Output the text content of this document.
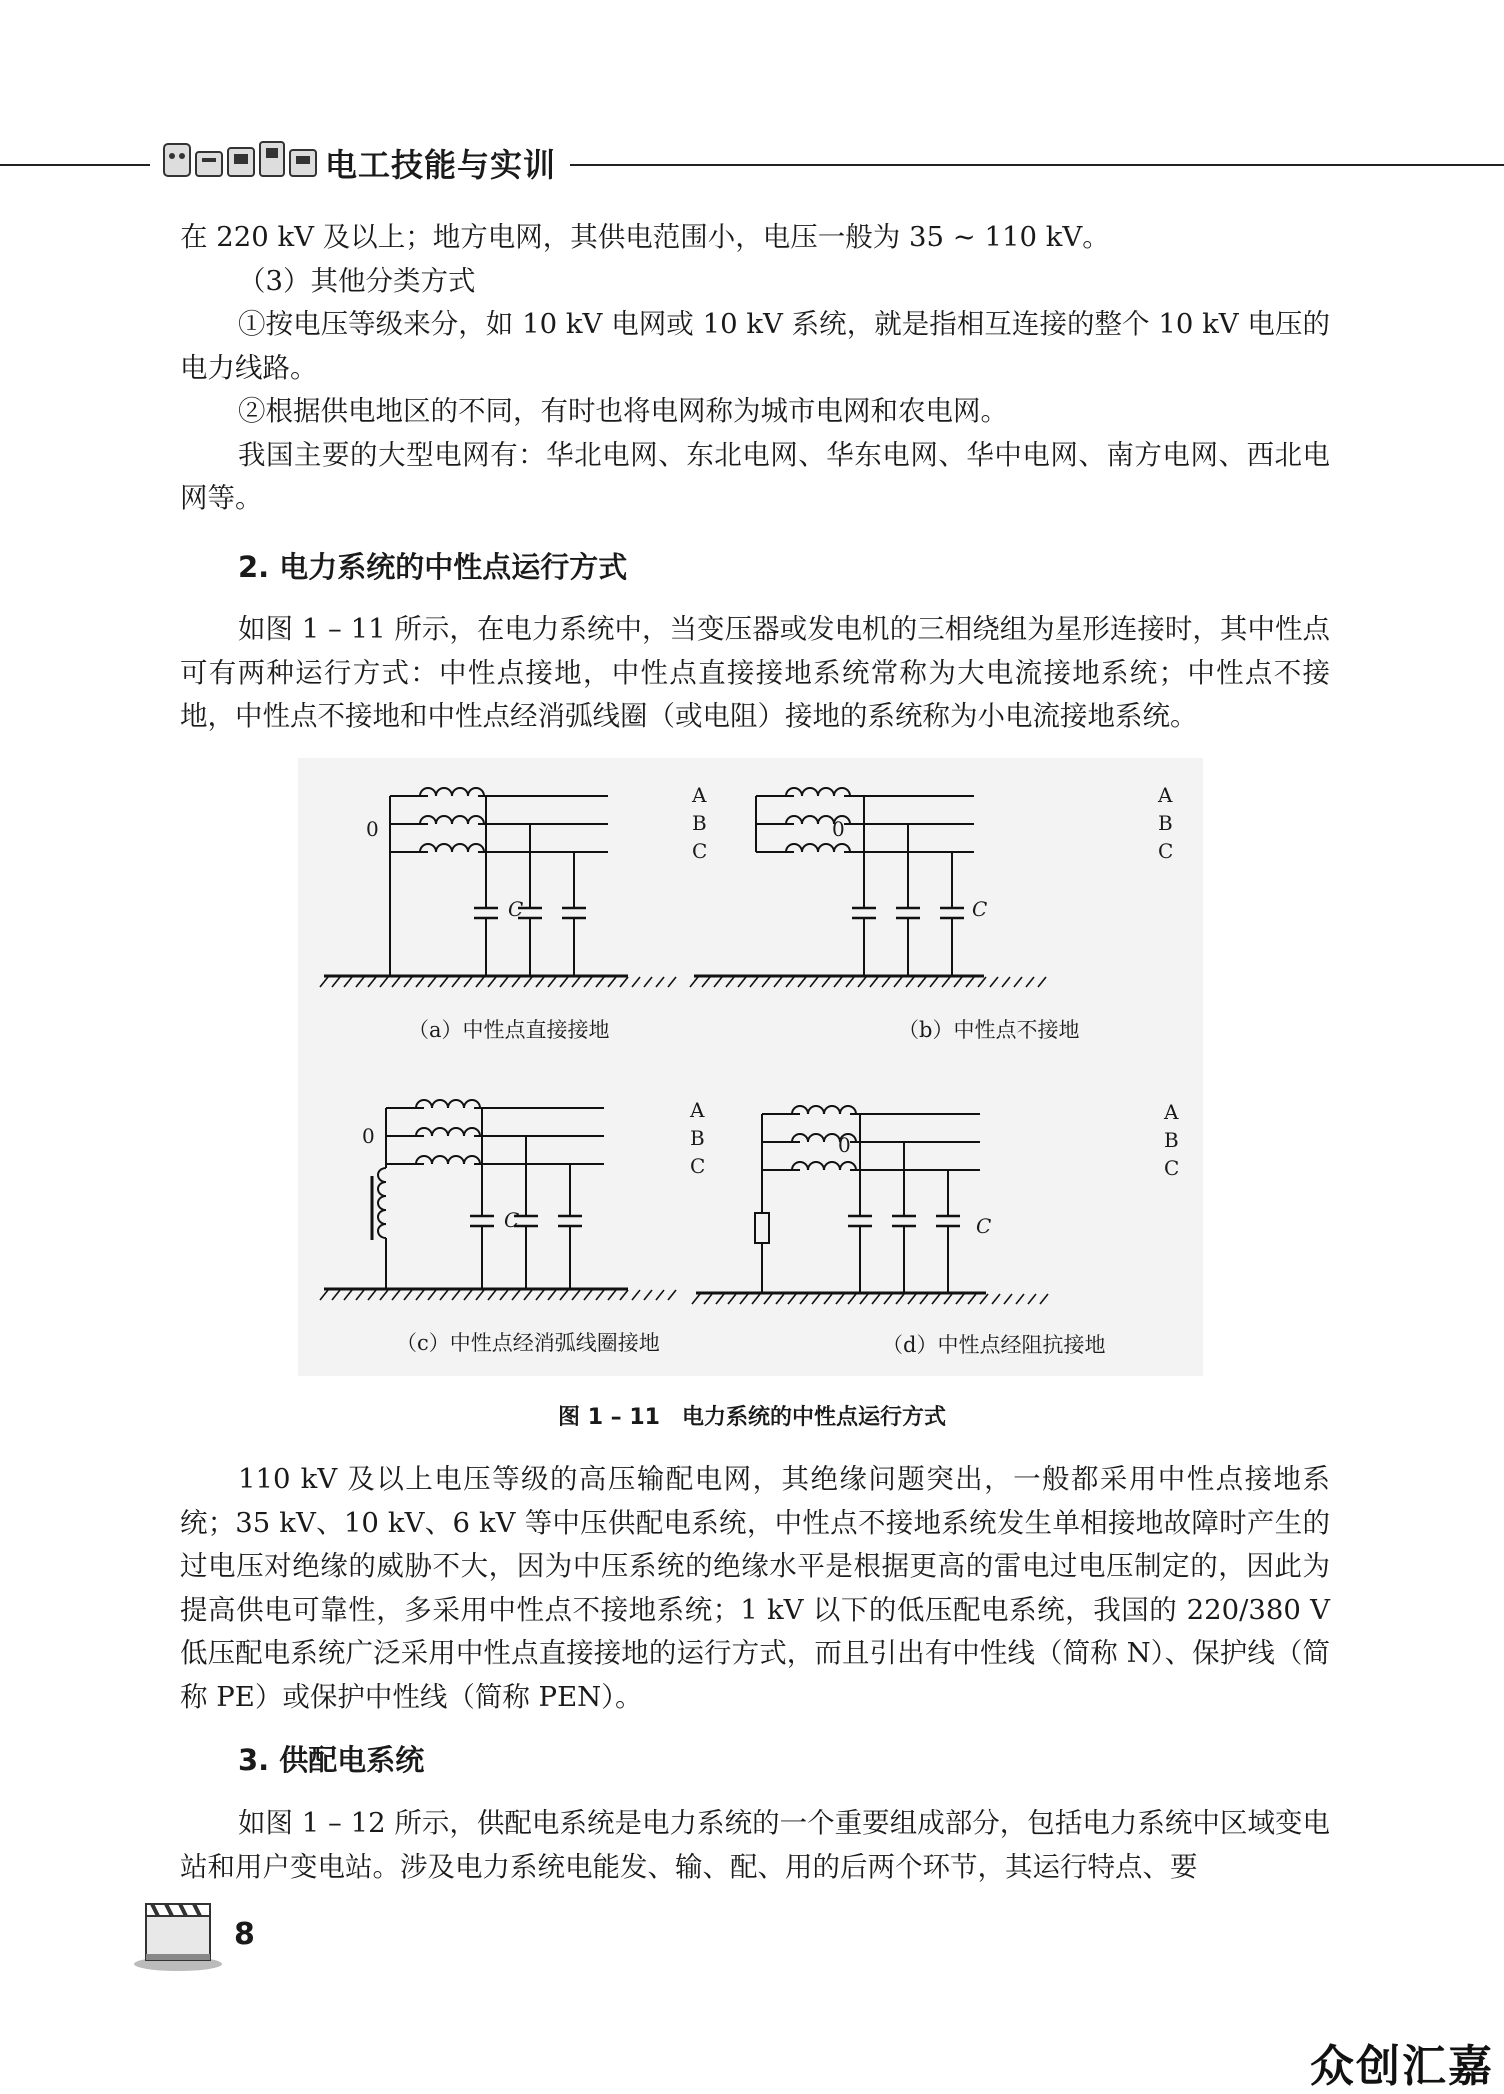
电工技能与实训

在 220 kV 及以上；地方电网，其供电范围小，电压一般为 35 ~ 110 kV。

（3）其他分类方式

①按电压等级来分，如 10 kV 电网或 10 kV 系统，就是指相互连接的整个 10 kV 电压的电力线路。

②根据供电地区的不同，有时也将电网称为城市电网和农电网。

我国主要的大型电网有：华北电网、东北电网、华东电网、华中电网、南方电网、西北电网等。

2. 电力系统的中性点运行方式

如图 1 – 11 所示，在电力系统中，当变压器或发电机的三相绕组为星形连接时，其中性点可有两种运行方式：中性点接地，中性点直接接地系统常称为大电流接地系统；中性点不接地，中性点不接地和中性点经消弧线圈（或电阻）接地的系统称为小电流接地系统。

0
A
B
C
C
0
A
B
C
C
0
A
B
C
C
0
A
B
C
C
（a）中性点直接接地	（b）中性点不接地
（c）中性点经消弧线圈接地	（d）中性点经阻抗接地
图 1 – 11　电力系统的中性点运行方式

110 kV 及以上电压等级的高压输配电网，其绝缘问题突出，一般都采用中性点接地系统；35 kV、10 kV、6 kV 等中压供配电系统，中性点不接地系统发生单相接地故障时产生的过电压对绝缘的威胁不大，因为中压系统的绝缘水平是根据更高的雷电过电压制定的，因此为提高供电可靠性，多采用中性点不接地系统；1 kV 以下的低压配电系统，我国的 220/380 V 低压配电系统广泛采用中性点直接接地的运行方式，而且引出有中性线（简称 N）、保护线（简称 PE）或保护中性线（简称 PEN）。

3. 供配电系统

如图 1 – 12 所示，供配电系统是电力系统的一个重要组成部分，包括电力系统中区域变电站和用户变电站。涉及电力系统电能发、输、配、用的后两个环节，其运行特点、要

8
众创汇嘉
